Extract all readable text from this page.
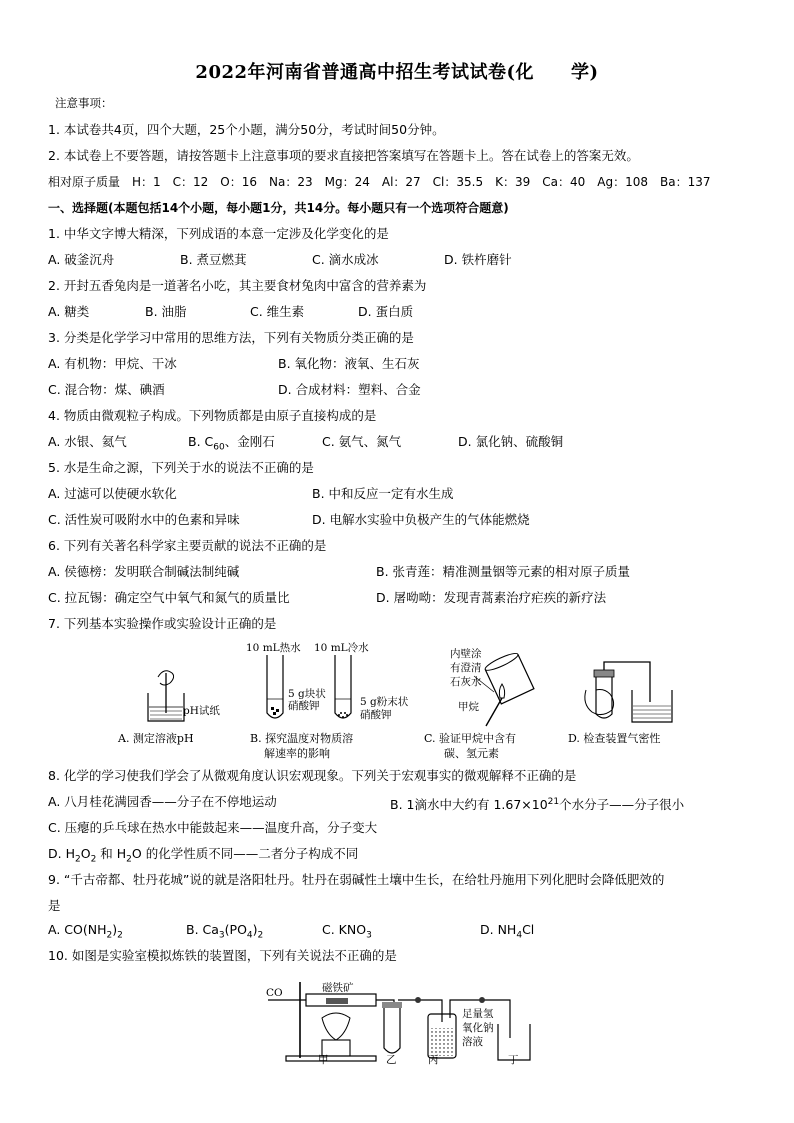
2022年河南省普通高中招生考试试卷(化　　学)
注意事项：
1. 本试卷共4页，四个大题，25个小题，满分50分，考试时间50分钟。
2. 本试卷上不要答题，请按答题卡上注意事项的要求直接把答案填写在答题卡上。答在试卷上的答案无效。
相对原子质量　H：1　C：12　O：16　Na：23　Mg：24　Al：27　Cl：35.5　K：39　Ca：40　Ag：108　Ba：137
一、选择题(本题包括14个小题，每小题1分，共14分。每小题只有一个选项符合题意)
1. 中华文字博大精深，下列成语的本意一定涉及化学变化的是
A. 破釜沉舟	B. 煮豆燃萁	C. 滴水成冰	D. 铁杵磨针
2. 开封五香兔肉是一道著名小吃，其主要食材兔肉中富含的营养素为
A. 糖类	B. 油脂	C. 维生素	D. 蛋白质
3. 分类是化学学习中常用的思维方法，下列有关物质分类正确的是
A. 有机物：甲烷、干冰	B. 氧化物：液氧、生石灰
C. 混合物：煤、碘酒	D. 合成材料：塑料、合金
4. 物质由微观粒子构成。下列物质都是由原子直接构成的是
A. 水银、氦气	B. $C_{60}$、金刚石	C. 氨气、氮气	D. 氯化钠、硫酸铜
5. 水是生命之源，下列关于水的说法不正确的是
A. 过滤可以使硬水软化	B. 中和反应一定有水生成
C. 活性炭可吸附水中的色素和异味	D. 电解水实验中负极产生的气体能燃烧
6. 下列有关著名科学家主要贡献的说法不正确的是
A. 侯德榜：发明联合制碱法制纯碱	B. 张青莲：精准测量铟等元素的相对原子质量
C. 拉瓦锡：确定空气中氧气和氮气的质量比	D. 屠呦呦：发现青蒿素治疗疟疾的新疗法
7. 下列基本实验操作或实验设计正确的是
pH试纸
A. 测定溶液pH
10 mL热水 10 mL冷水
5 g块状
硝酸钾	5 g粉末状
硝酸钾
B. 探究温度对物质溶
解速率的影响
内壁涂
有澄清
石灰水
甲烷
C. 验证甲烷中含有
碳、氢元素
D. 检查装置气密性
8. 化学的学习使我们学会了从微观角度认识宏观现象。下列关于宏观事实的微观解释不正确的是
A. 八月桂花满园香——分子在不停地运动	B. 1滴水中大约有 $1.67\times 10^{21}$个水分子——分子很小
C. 压瘪的乒乓球在热水中能鼓起来——温度升高，分子变大
D. $H_2O_2$ 和 $H_2O$ 的化学性质不同——二者分子构成不同
9. “千古帝都、牡丹花城”说的就是洛阳牡丹。牡丹在弱碱性土壤中生长，在给牡丹施用下列化肥时会降低肥效的
是
A. $CO(NH_2)_2$	B. $Ca_3(PO_4)_2$	C. $KNO_3$	D. $NH_4Cl$
10. 如图是实验室模拟炼铁的装置图，下列有关说法不正确的是
CO	磁铁矿
足量氢
氧化钠
溶液
甲	乙	丙	丁
